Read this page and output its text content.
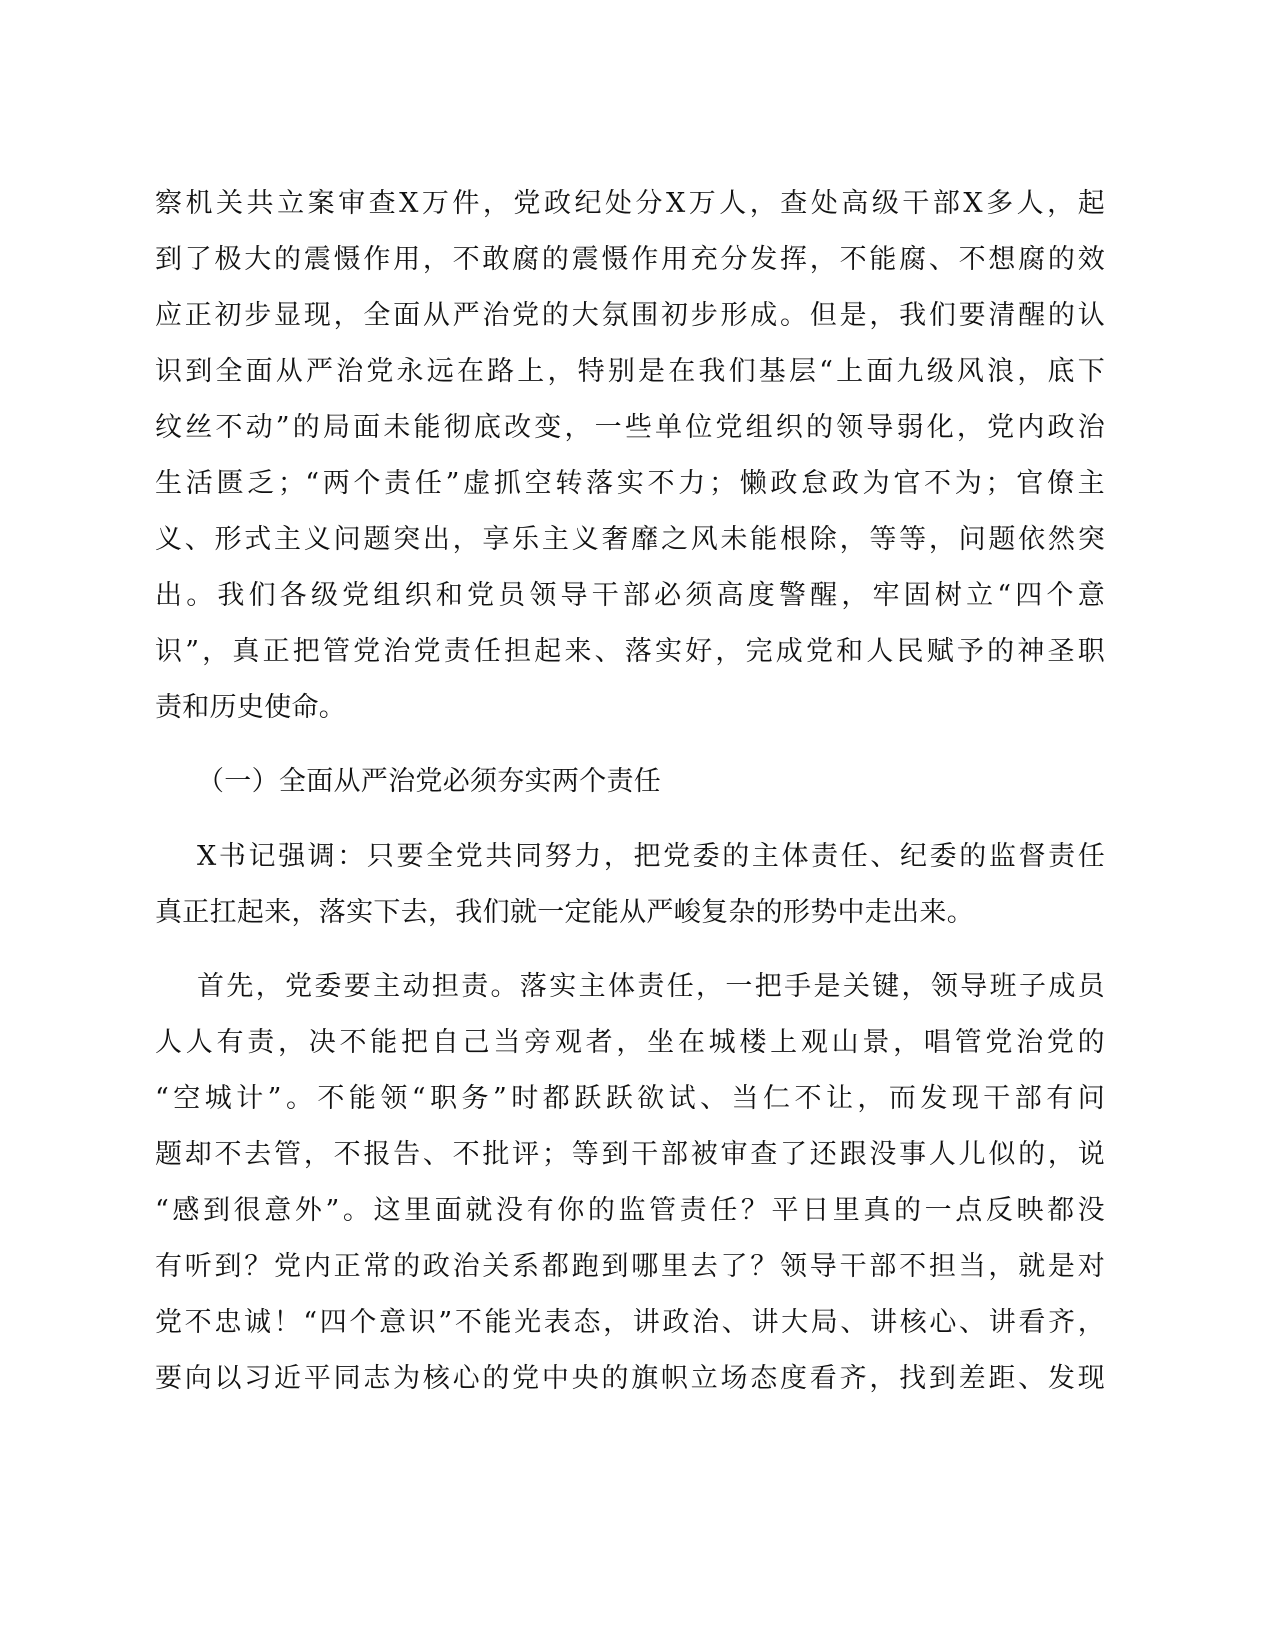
察机关共立案审查X万件，党政纪处分X万人，查处高级干部X多人，起
到了极大的震慑作用，不敢腐的震慑作用充分发挥，不能腐、不想腐的效
应正初步显现，全面从严治党的大氛围初步形成。但是，我们要清醒的认
识到全面从严治党永远在路上，特别是在我们基层“上面九级风浪，底下
纹丝不动”的局面未能彻底改变，一些单位党组织的领导弱化，党内政治
生活匮乏；“两个责任”虚抓空转落实不力；懒政怠政为官不为；官僚主
义、形式主义问题突出，享乐主义奢靡之风未能根除，等等，问题依然突
出。我们各级党组织和党员领导干部必须高度警醒，牢固树立“四个意
识”，真正把管党治党责任担起来、落实好，完成党和人民赋予的神圣职
责和历史使命。
（一）全面从严治党必须夯实两个责任
X书记强调：只要全党共同努力，把党委的主体责任、纪委的监督责任
真正扛起来，落实下去，我们就一定能从严峻复杂的形势中走出来。
首先，党委要主动担责。落实主体责任，一把手是关键，领导班子成员
人人有责，决不能把自己当旁观者，坐在城楼上观山景，唱管党治党的
“空城计”。不能领“职务”时都跃跃欲试、当仁不让，而发现干部有问
题却不去管，不报告、不批评；等到干部被审查了还跟没事人儿似的，说
“感到很意外”。这里面就没有你的监管责任？平日里真的一点反映都没
有听到？党内正常的政治关系都跑到哪里去了？领导干部不担当，就是对
党不忠诚！“四个意识”不能光表态，讲政治、讲大局、讲核心、讲看齐，
要向以习近平同志为核心的党中央的旗帜立场态度看齐，找到差距、发现
